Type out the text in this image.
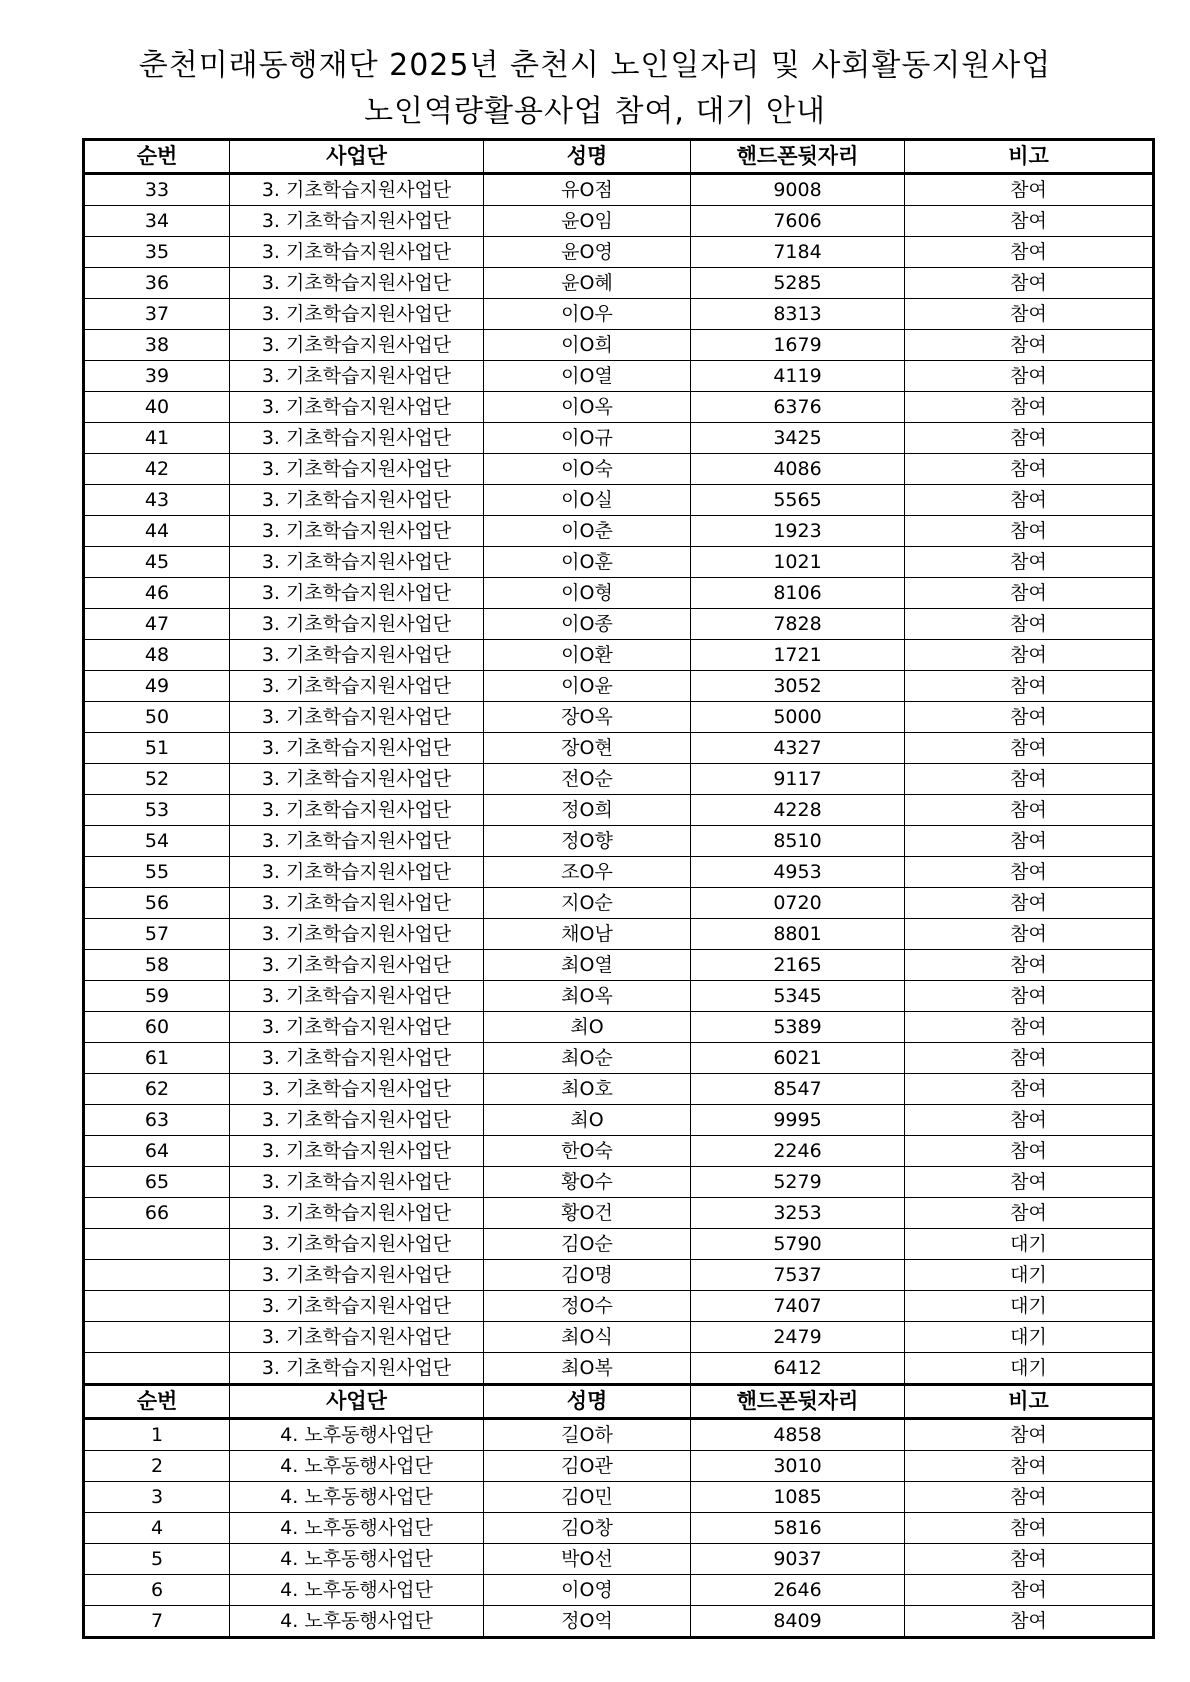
춘천미래동행재단 2025년 춘천시 노인일자리 및 사회활동지원사업
노인역량활용사업 참여, 대기 안내
순번	사업단	성명	핸드폰뒷자리	비고
33	3. 기초학습지원사업단	유O점	9008	참여
34	3. 기초학습지원사업단	윤O임	7606	참여
35	3. 기초학습지원사업단	윤O영	7184	참여
36	3. 기초학습지원사업단	윤O혜	5285	참여
37	3. 기초학습지원사업단	이O우	8313	참여
38	3. 기초학습지원사업단	이O희	1679	참여
39	3. 기초학습지원사업단	이O열	4119	참여
40	3. 기초학습지원사업단	이O옥	6376	참여
41	3. 기초학습지원사업단	이O규	3425	참여
42	3. 기초학습지원사업단	이O숙	4086	참여
43	3. 기초학습지원사업단	이O실	5565	참여
44	3. 기초학습지원사업단	이O춘	1923	참여
45	3. 기초학습지원사업단	이O훈	1021	참여
46	3. 기초학습지원사업단	이O형	8106	참여
47	3. 기초학습지원사업단	이O종	7828	참여
48	3. 기초학습지원사업단	이O환	1721	참여
49	3. 기초학습지원사업단	이O윤	3052	참여
50	3. 기초학습지원사업단	장O옥	5000	참여
51	3. 기초학습지원사업단	장O현	4327	참여
52	3. 기초학습지원사업단	전O순	9117	참여
53	3. 기초학습지원사업단	정O희	4228	참여
54	3. 기초학습지원사업단	정O향	8510	참여
55	3. 기초학습지원사업단	조O우	4953	참여
56	3. 기초학습지원사업단	지O순	0720	참여
57	3. 기초학습지원사업단	채O남	8801	참여
58	3. 기초학습지원사업단	최O열	2165	참여
59	3. 기초학습지원사업단	최O옥	5345	참여
60	3. 기초학습지원사업단	최O	5389	참여
61	3. 기초학습지원사업단	최O순	6021	참여
62	3. 기초학습지원사업단	최O호	8547	참여
63	3. 기초학습지원사업단	최O	9995	참여
64	3. 기초학습지원사업단	한O숙	2246	참여
65	3. 기초학습지원사업단	황O수	5279	참여
66	3. 기초학습지원사업단	황O건	3253	참여
	3. 기초학습지원사업단	김O순	5790	대기
	3. 기초학습지원사업단	김O명	7537	대기
	3. 기초학습지원사업단	정O수	7407	대기
	3. 기초학습지원사업단	최O식	2479	대기
	3. 기초학습지원사업단	최O복	6412	대기
순번	사업단	성명	핸드폰뒷자리	비고
1	4. 노후동행사업단	길O하	4858	참여
2	4. 노후동행사업단	김O관	3010	참여
3	4. 노후동행사업단	김O민	1085	참여
4	4. 노후동행사업단	김O창	5816	참여
5	4. 노후동행사업단	박O선	9037	참여
6	4. 노후동행사업단	이O영	2646	참여
7	4. 노후동행사업단	정O억	8409	참여
